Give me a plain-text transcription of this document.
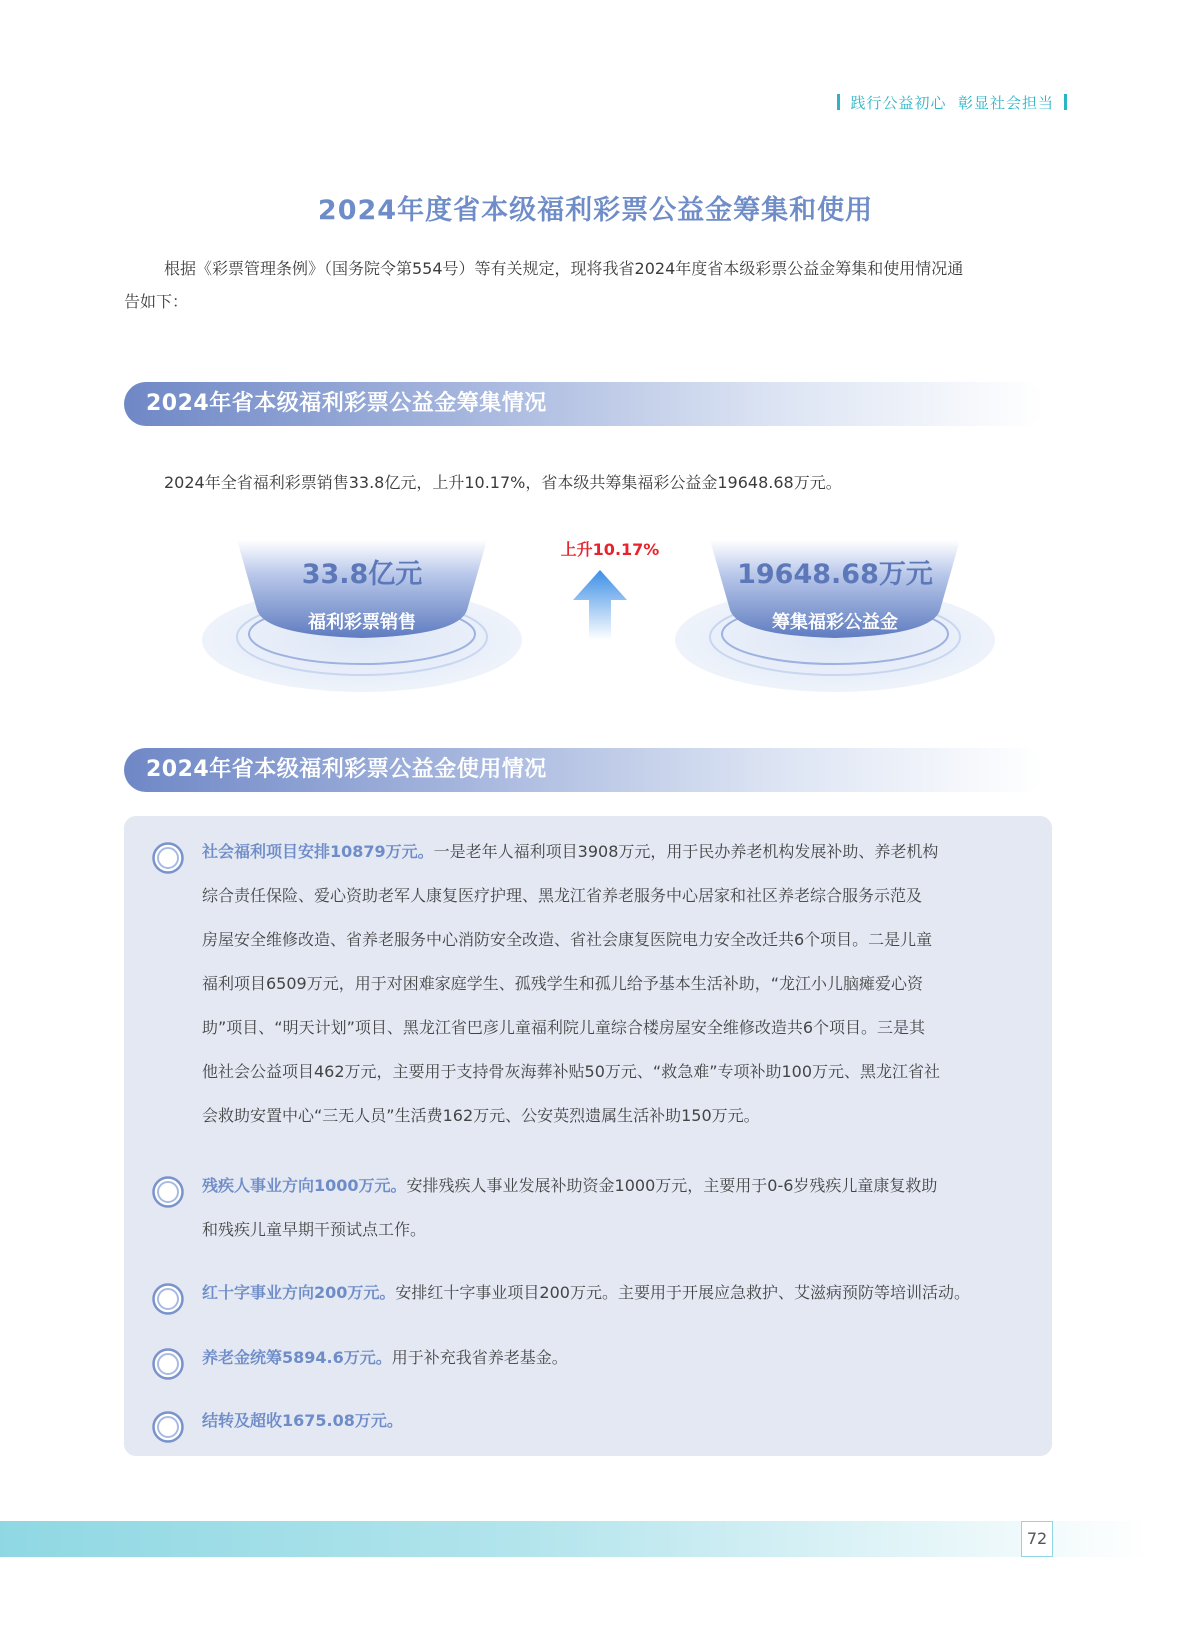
践行公益初心  彰显社会担当
2024年度省本级福利彩票公益金筹集和使用
根据《彩票管理条例》（国务院令第554号）等有关规定，现将我省2024年度省本级彩票公益金筹集和使用情况通
告如下：
2024年省本级福利彩票公益金筹集情况
2024年全省福利彩票销售33.8亿元，上升10.17%，省本级共筹集福彩公益金19648.68万元。
33.8亿元
福利彩票销售
上升10.17%
19648.68万元
筹集福彩公益金
2024年省本级福利彩票公益金使用情况
社会福利项目安排10879万元。一是老年人福利项目3908万元，用于民办养老机构发展补助、养老机构
综合责任保险、爱心资助老军人康复医疗护理、黑龙江省养老服务中心居家和社区养老综合服务示范及
房屋安全维修改造、省养老服务中心消防安全改造、省社会康复医院电力安全改迁共6个项目。二是儿童
福利项目6509万元，用于对困难家庭学生、孤残学生和孤儿给予基本生活补助，“龙江小儿脑瘫爱心资
助”项目、“明天计划”项目、黑龙江省巴彦儿童福利院儿童综合楼房屋安全维修改造共6个项目。三是其
他社会公益项目462万元，主要用于支持骨灰海葬补贴50万元、“救急难”专项补助100万元、黑龙江省社
会救助安置中心“三无人员”生活费162万元、公安英烈遗属生活补助150万元。
残疾人事业方向1000万元。安排残疾人事业发展补助资金1000万元，主要用于0-6岁残疾儿童康复救助
和残疾儿童早期干预试点工作。
红十字事业方向200万元。安排红十字事业项目200万元。主要用于开展应急救护、艾滋病预防等培训活动。
养老金统筹5894.6万元。用于补充我省养老基金。
结转及超收1675.08万元。
72
